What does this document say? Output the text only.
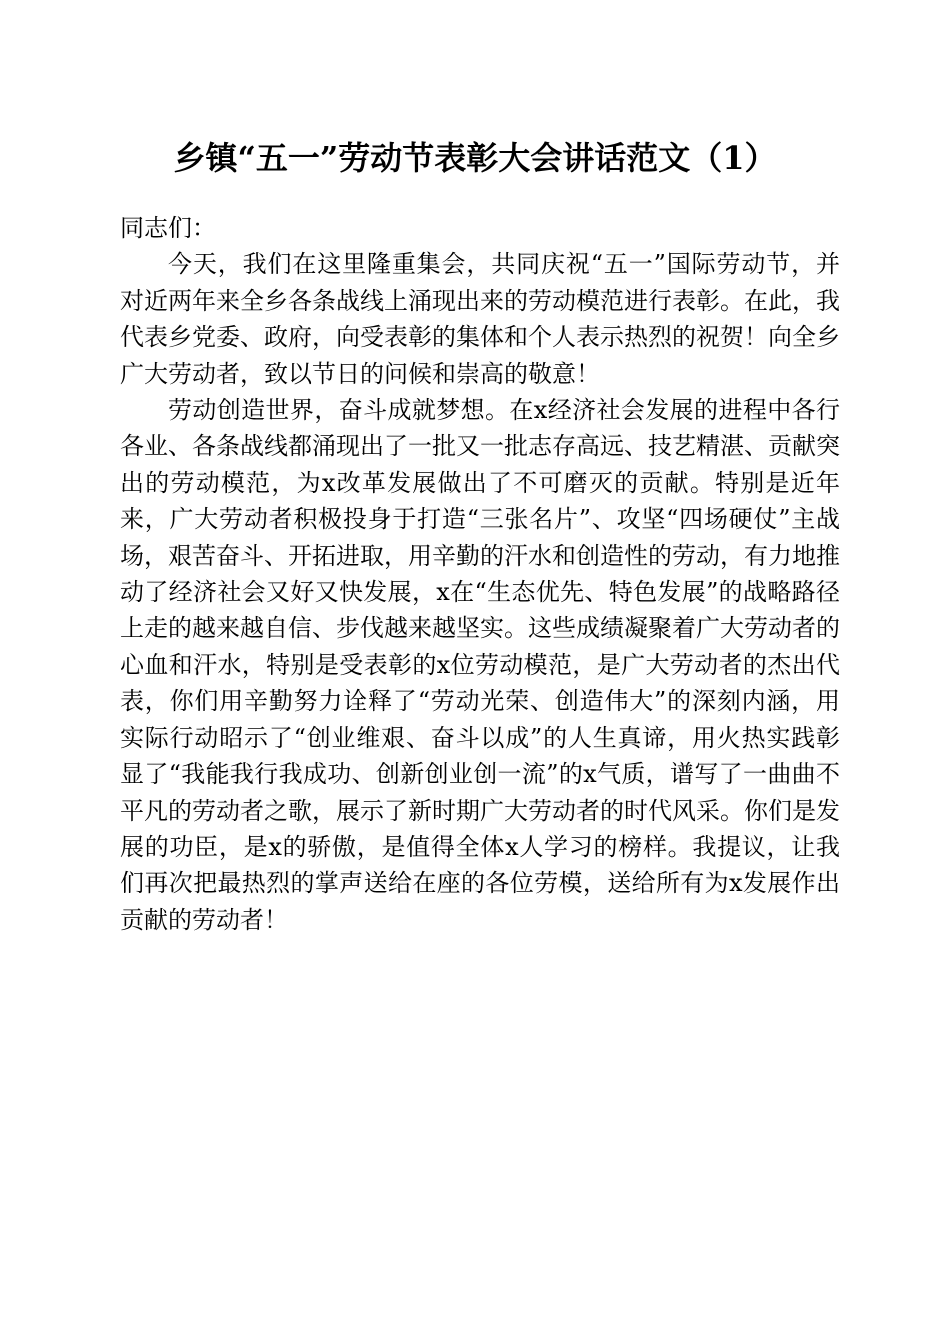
乡镇“五一”劳动节表彰大会讲话范文（1）

同志们：

今天，我们在这里隆重集会，共同庆祝“五一”国际劳动节，并对近两年来全乡各条战线上涌现出来的劳动模范进行表彰。在此，我代表乡党委、政府，向受表彰的集体和个人表示热烈的祝贺！向全乡广大劳动者，致以节日的问候和崇高的敬意！

劳动创造世界，奋斗成就梦想。在x经济社会发展的进程中各行各业、各条战线都涌现出了一批又一批志存高远、技艺精湛、贡献突出的劳动模范，为x改革发展做出了不可磨灭的贡献。特别是近年来，广大劳动者积极投身于打造“三张名片”、攻坚“四场硬仗”主战场，艰苦奋斗、开拓进取，用辛勤的汗水和创造性的劳动，有力地推动了经济社会又好又快发展，x在“生态优先、特色发展”的战略路径上走的越来越自信、步伐越来越坚实。这些成绩凝聚着广大劳动者的心血和汗水，特别是受表彰的x位劳动模范，是广大劳动者的杰出代表，你们用辛勤努力诠释了“劳动光荣、创造伟大”的深刻内涵，用实际行动昭示了“创业维艰、奋斗以成”的人生真谛，用火热实践彰显了“我能我行我成功、创新创业创一流”的x气质，谱写了一曲曲不平凡的劳动者之歌，展示了新时期广大劳动者的时代风采。你们是发展的功臣，是x的骄傲，是值得全体x人学习的榜样。我提议，让我们再次把最热烈的掌声送给在座的各位劳模，送给所有为x发展作出贡献的劳动者！
